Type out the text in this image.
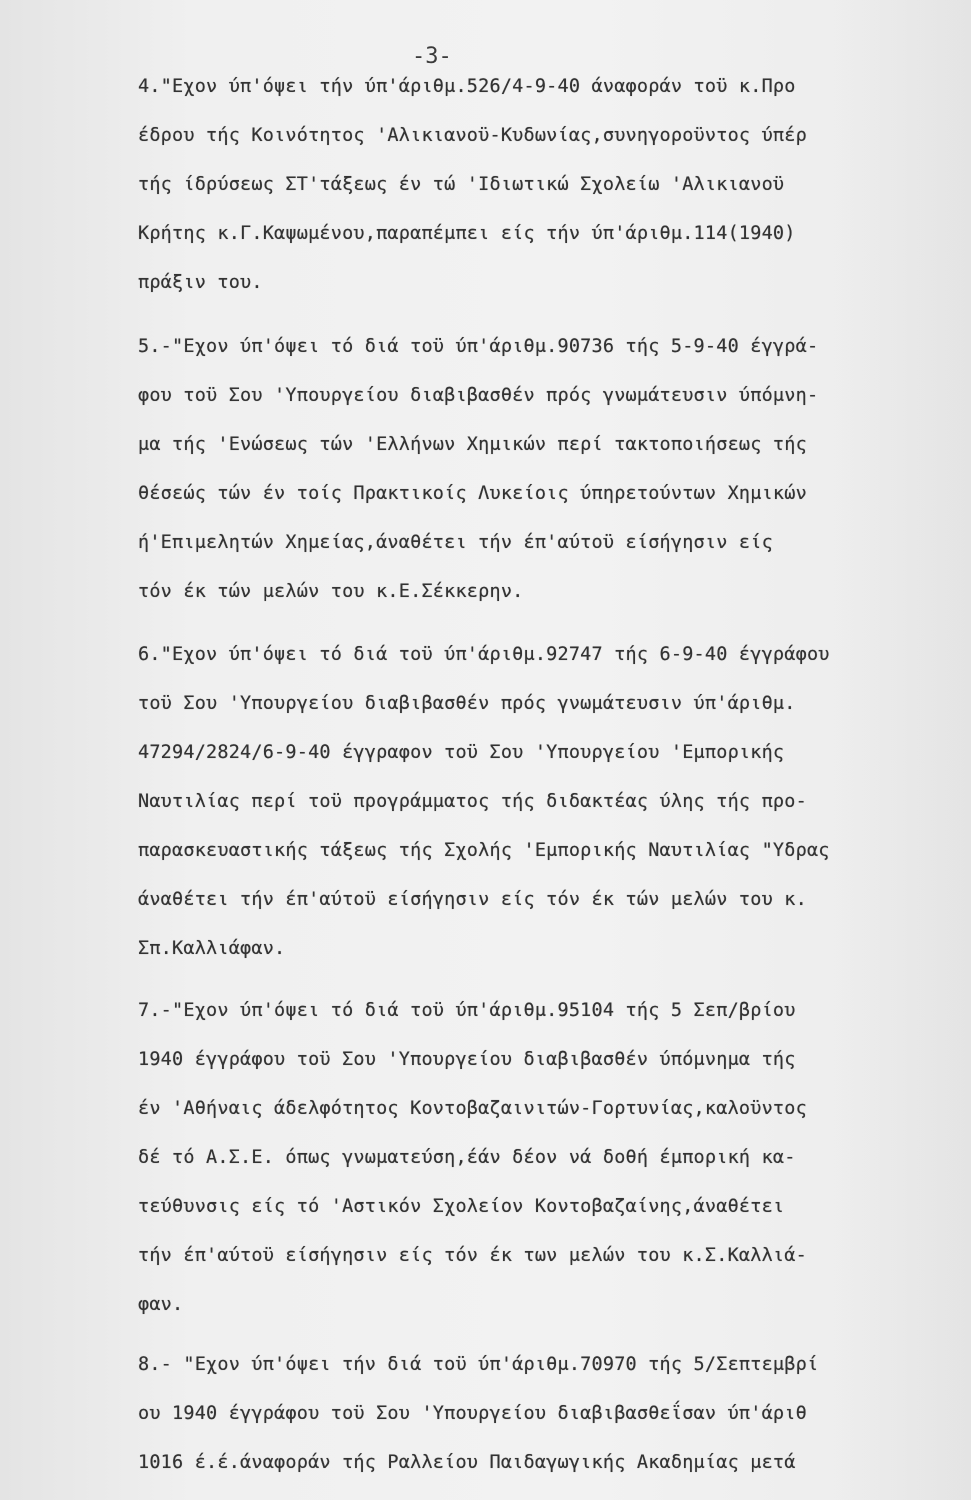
-3-
4."Εχον ύπ'όψει τήν ύπ'άριθμ.526/4-9-40 άναφοράν τοϋ κ.Προ
έδρου τής Κοινότητος 'Αλικιανοϋ-Κυδωνίας,συνηγοροϋντος ύπέρ
τής ίδρύσεως ΣΤ'τάξεως έν τώ 'Ιδιωτικώ Σχολείω 'Αλικιανοϋ
Κρήτης κ.Γ.Καψωμένου,παραπέμπει είς τήν ύπ'άριθμ.114(1940)
πράξιν του.
5.-"Εχον ύπ'όψει τό διά τοϋ ύπ'άριθμ.90736 τής 5-9-40 έγγρά-
φου τοϋ Σου 'Υπουργείου διαβιβασθέν πρός γνωμάτευσιν ύπόμνη-
μα τής 'Ενώσεως τών 'Ελλήνων Χημικών περί τακτοποιήσεως τής
θέσεώς τών έν τοίς Πρακτικοίς Λυκείοις ύπηρετούντων Χημικών
ή'Επιμελητών Χημείας,άναθέτει τήν έπ'αύτοϋ είσήγησιν είς
τόν έκ τών μελών του κ.Ε.Σέκκερην.
6."Εχον ύπ'όψει τό διά τοϋ ύπ'άριθμ.92747 τής 6-9-40 έγγράφου
τοϋ Σου 'Υπουργείου διαβιβασθέν πρός γνωμάτευσιν ύπ'άριθμ.
47294/2824/6-9-40 έγγραφον τοϋ Σου 'Υπουργείου 'Εμπορικής
Ναυτιλίας περί τοϋ προγράμματος τής διδακτέας ύλης τής προ-
παρασκευαστικής τάξεως τής Σχολής 'Εμπορικής Ναυτιλίας "Υδρας
άναθέτει τήν έπ'αύτοϋ είσήγησιν είς τόν έκ τών μελών του κ.
Σπ.Καλλιάφαν.
7.-"Εχον ύπ'όψει τό διά τοϋ ύπ'άριθμ.95104 τής 5 Σεπ/βρίου
1940 έγγράφου τοϋ Σου 'Υπουργείου διαβιβασθέν ύπόμνημα τής
έν 'Αθήναις άδελφότητος Κοντοβαζαινιτών-Γορτυνίας,καλοϋντος
δέ τό Α.Σ.Ε. όπως γνωματεύση,έάν δέον νά δοθή έμπορική κα-
τεύθυνσις είς τό 'Αστικόν Σχολείον Κοντοβαζαίνης,άναθέτει
τήν έπ'αύτοϋ είσήγησιν είς τόν έκ των μελών του κ.Σ.Καλλιά-
φαν.
8.- "Εχον ύπ'όψει τήν διά τοϋ ύπ'άριθμ.70970 τής 5/Σεπτεμβρί
ου 1940 έγγράφου τοϋ Σου 'Υπουργείου διαβιβασθεΐσαν ύπ'άριθ
1016 έ.έ.άναφοράν τής Ραλλείου Παιδαγωγικής Ακαδημίας μετά
